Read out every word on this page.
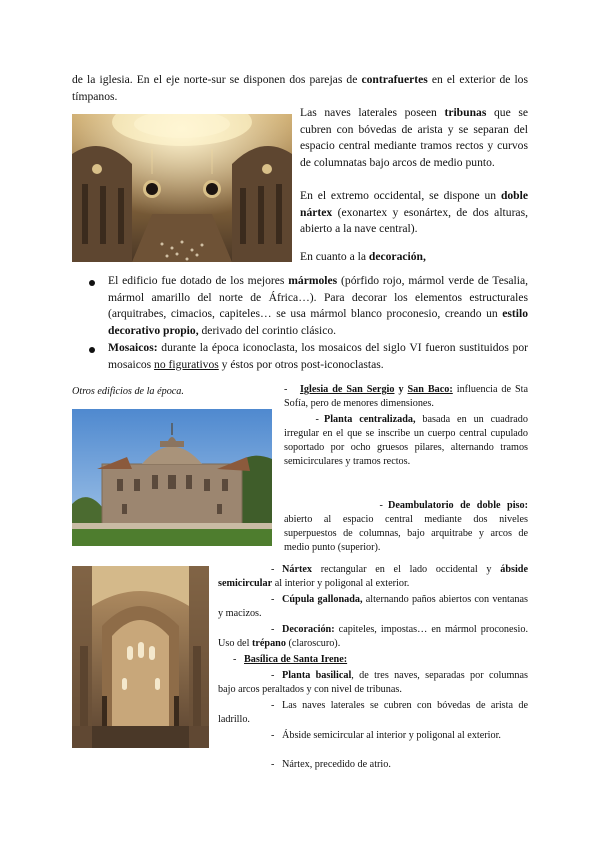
de la iglesia. En el eje norte-sur se disponen dos parejas de contrafuertes en el exterior de los tímpanos.
Las naves laterales poseen tribunas que se cubren con bóvedas de arista y se separan del espacio central mediante tramos rectos y curvos de columnatas bajo arcos de medio punto.
En el extremo occidental, se dispone un doble nártex (exonartex y esonártex, de dos alturas, abierto a la nave central).
En cuanto a la decoración,
El edificio fue dotado de los mejores mármoles (pórfido rojo, mármol verde de Tesalia, mármol amarillo del norte de África…). Para decorar los elementos estructurales (arquitrabes, cimacios, capiteles… se usa mármol blanco proconesio, creando un estilo decorativo propio, derivado del corintio clásico.
Mosaicos: durante la época iconoclasta, los mosaicos del siglo VI fueron sustituidos por mosaicos no figurativos y éstos por otros post-iconoclastas.
Otros edificios de la época.	- Iglesia de San Sergio y San Baco: influencia de Sta Sofía, pero de menores dimensiones.
-  Planta centralizada, basada en un cuadrado irregular en el que se inscribe un cuerpo central cupulado soportado por ocho gruesos pilares, alternando tramos semicirculares y tramos rectos.
-  Deambulatorio de doble piso: abierto al espacio central mediante dos niveles superpuestos de columnas, bajo arquitrabe y arcos de medio punto (superior).
-   Nártex rectangular en el lado occidental y ábside semicircular al interior y poligonal al exterior.
-   Cúpula gallonada, alternando paños abiertos con ventanas y macizos.
-   Decoración: capiteles, impostas… en mármol proconesio. Uso del trépano (claroscuro).
-   Basílica de Santa Irene:
-   Planta basilical, de tres naves, separadas por columnas bajo arcos peraltados y con nivel de tribunas.
-   Las naves laterales se cubren con bóvedas de arista de ladrillo.
-   Ábside semicircular al interior y poligonal al exterior.
-   Nártex, precedido de atrio.
